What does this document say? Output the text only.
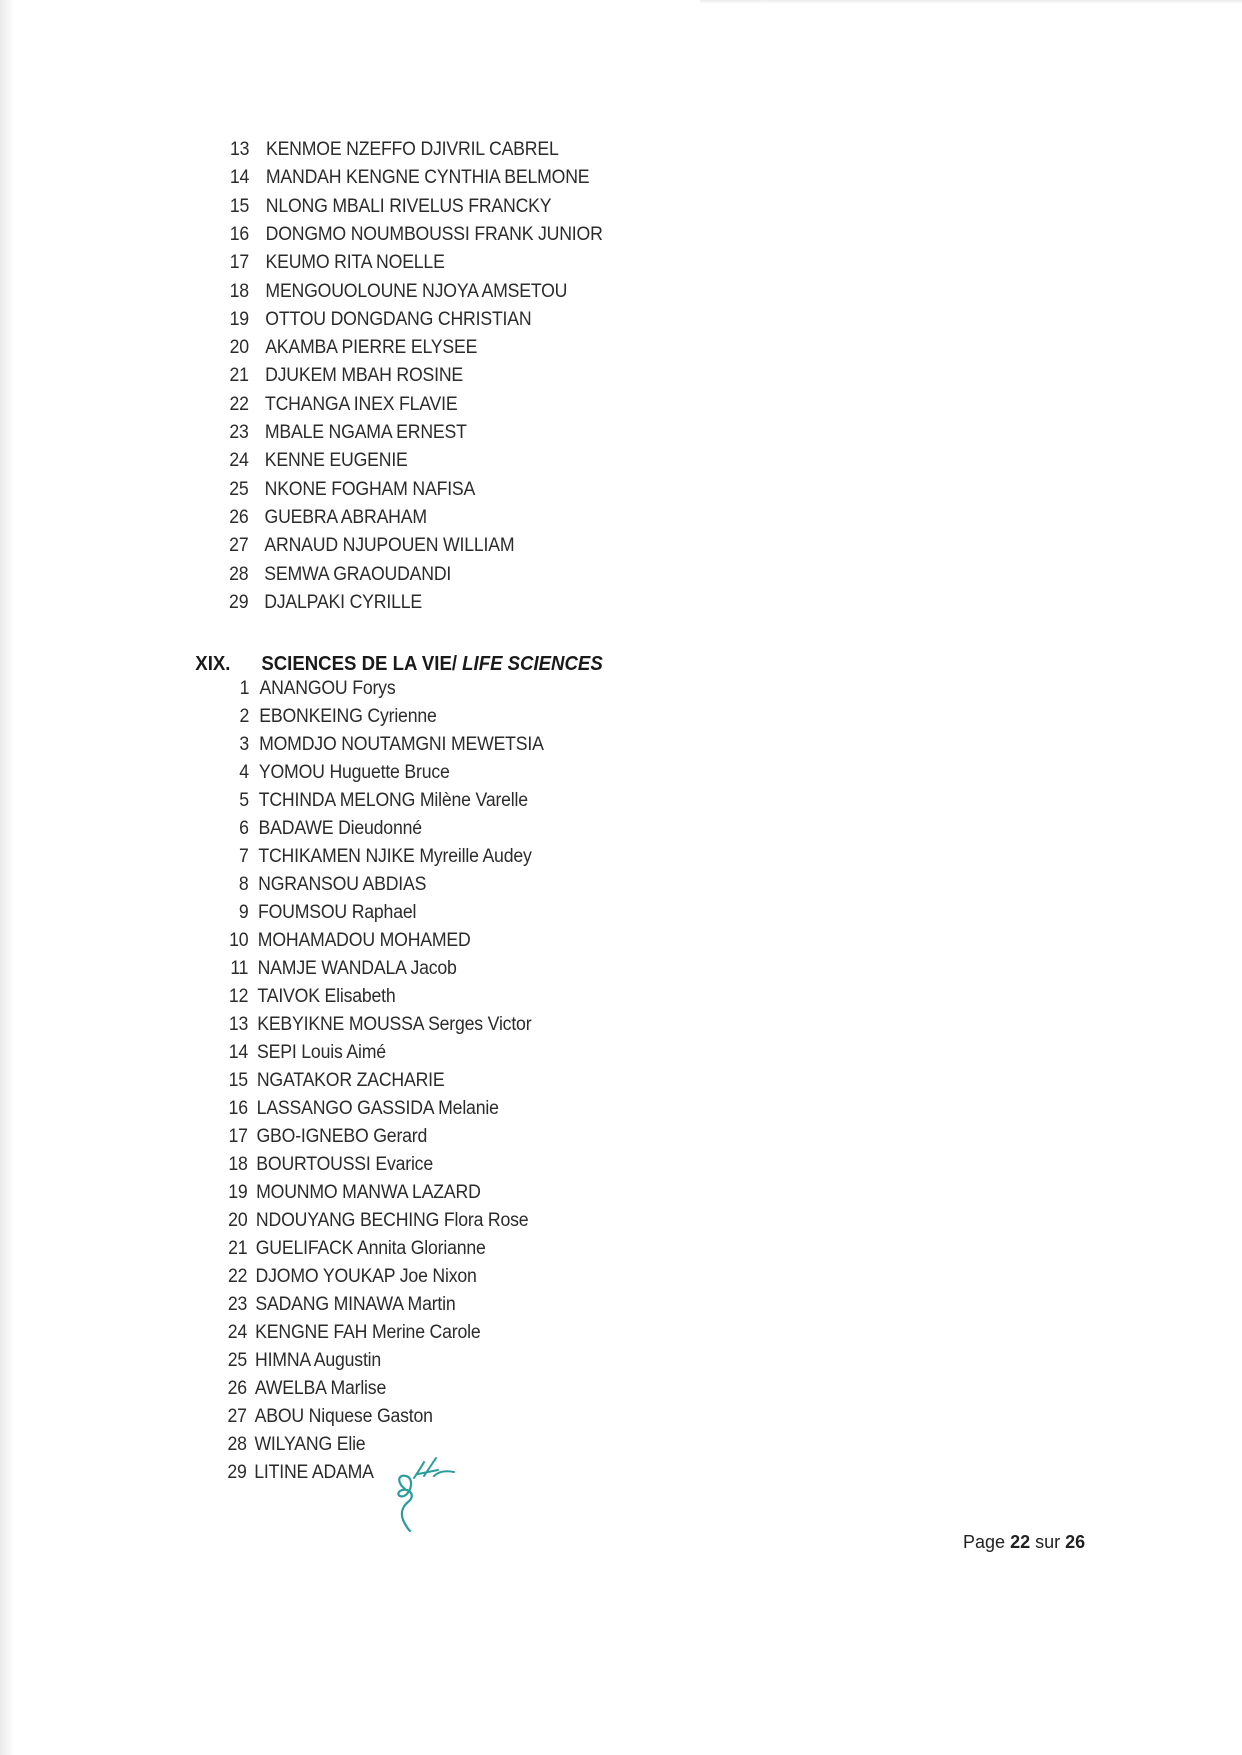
13 KENMOE NZEFFO DJIVRIL CABREL
14 MANDAH KENGNE CYNTHIA BELMONE
15 NLONG MBALI RIVELUS FRANCKY
16 DONGMO NOUMBOUSSI FRANK JUNIOR
17 KEUMO RITA NOELLE
18 MENGOUOLOUNE NJOYA AMSETOU
19 OTTOU DONGDANG CHRISTIAN
20 AKAMBA PIERRE ELYSEE
21 DJUKEM MBAH ROSINE
22 TCHANGA INEX FLAVIE
23 MBALE NGAMA ERNEST
24 KENNE EUGENIE
25 NKONE FOGHAM NAFISA
26 GUEBRA ABRAHAM
27 ARNAUD NJUPOUEN WILLIAM
28 SEMWA GRAOUDANDI
29 DJALPAKI CYRILLE
XIX. SCIENCES DE LA VIE/ LIFE SCIENCES
1 ANANGOU Forys
2 EBONKEING Cyrienne
3 MOMDJO NOUTAMGNI MEWETSIA
4 YOMOU Huguette Bruce
5 TCHINDA MELONG Milène Varelle
6 BADAWE Dieudonné
7 TCHIKAMEN NJIKE Myreille Audey
8 NGRANSOU ABDIAS
9 FOUMSOU Raphael
10 MOHAMADOU MOHAMED
11 NAMJE WANDALA Jacob
12 TAIVOK Elisabeth
13 KEBYIKNE MOUSSA Serges Victor
14 SEPI Louis Aimé
15 NGATAKOR ZACHARIE
16 LASSANGO GASSIDA Melanie
17 GBO-IGNEBO Gerard
18 BOURTOUSSI Evarice
19 MOUNMO MANWA LAZARD
20 NDOUYANG BECHING Flora Rose
21 GUELIFACK Annita Glorianne
22 DJOMO YOUKAP Joe Nixon
23 SADANG MINAWA Martin
24 KENGNE FAH Merine Carole
25 HIMNA Augustin
26 AWELBA Marlise
27 ABOU Niquese Gaston
28 WILYANG Elie
29 LITINE ADAMA
Page 22 sur 26
